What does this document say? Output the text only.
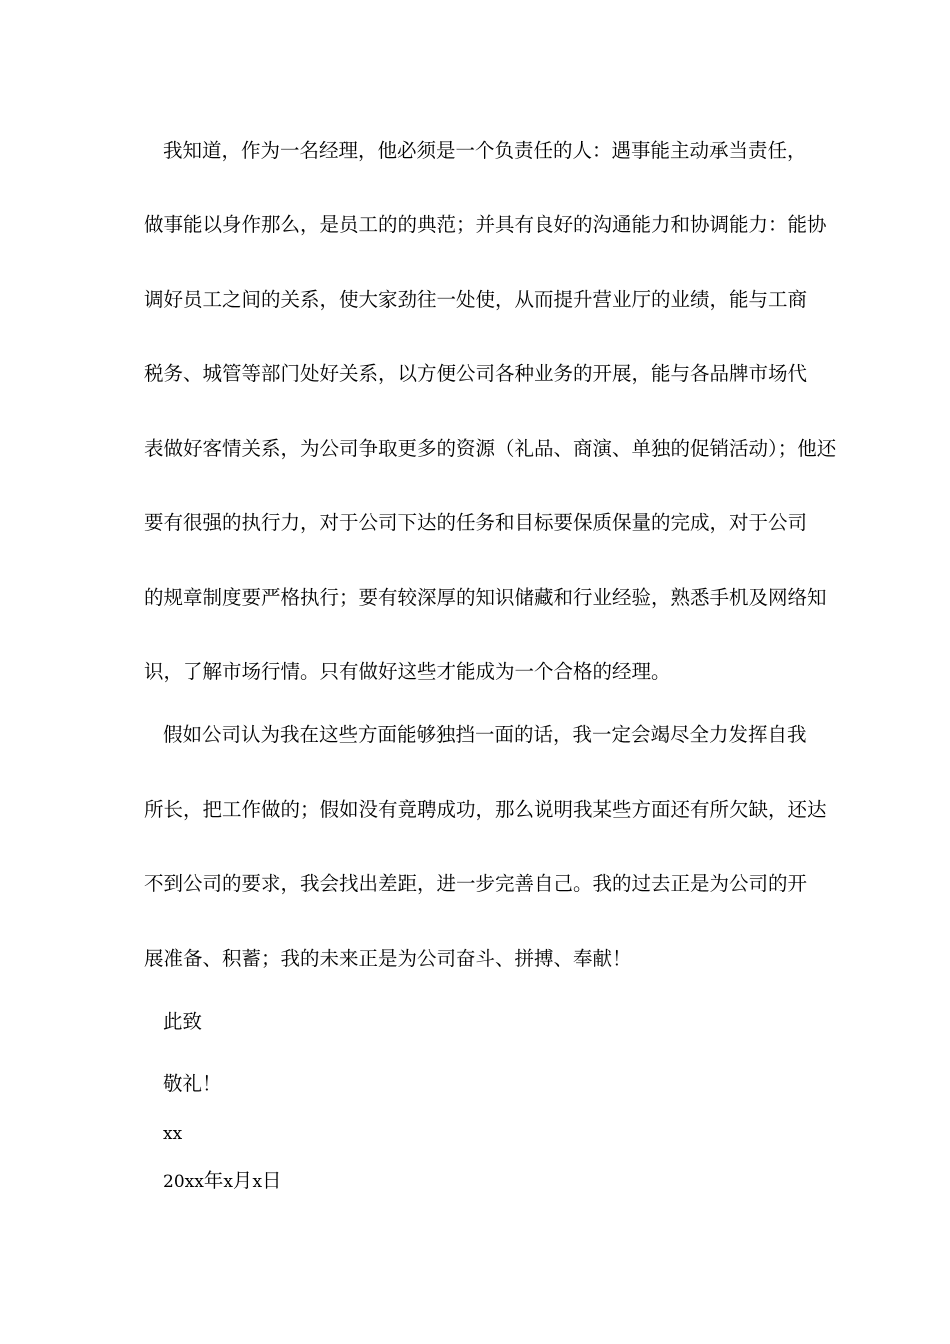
我知道，作为一名经理，他必须是一个负责任的人：遇事能主动承当责任，
做事能以身作那么，是员工的的典范；并具有良好的沟通能力和协调能力：能协
调好员工之间的关系，使大家劲往一处使，从而提升营业厅的业绩，能与工商
税务、城管等部门处好关系，以方便公司各种业务的开展，能与各品牌市场代
表做好客情关系，为公司争取更多的资源（礼品、商演、单独的促销活动）；他还
要有很强的执行力，对于公司下达的任务和目标要保质保量的完成，对于公司
的规章制度要严格执行；要有较深厚的知识储藏和行业经验，熟悉手机及网络知
识，了解市场行情。只有做好这些才能成为一个合格的经理。
假如公司认为我在这些方面能够独挡一面的话，我一定会竭尽全力发挥自我
所长，把工作做的；假如没有竟聘成功，那么说明我某些方面还有所欠缺，还达
不到公司的要求，我会找出差距，进一步完善自己。我的过去正是为公司的开
展准备、积蓄；我的未来正是为公司奋斗、拼搏、奉献！
此致
敬礼！
xx
20xx年x月x日
